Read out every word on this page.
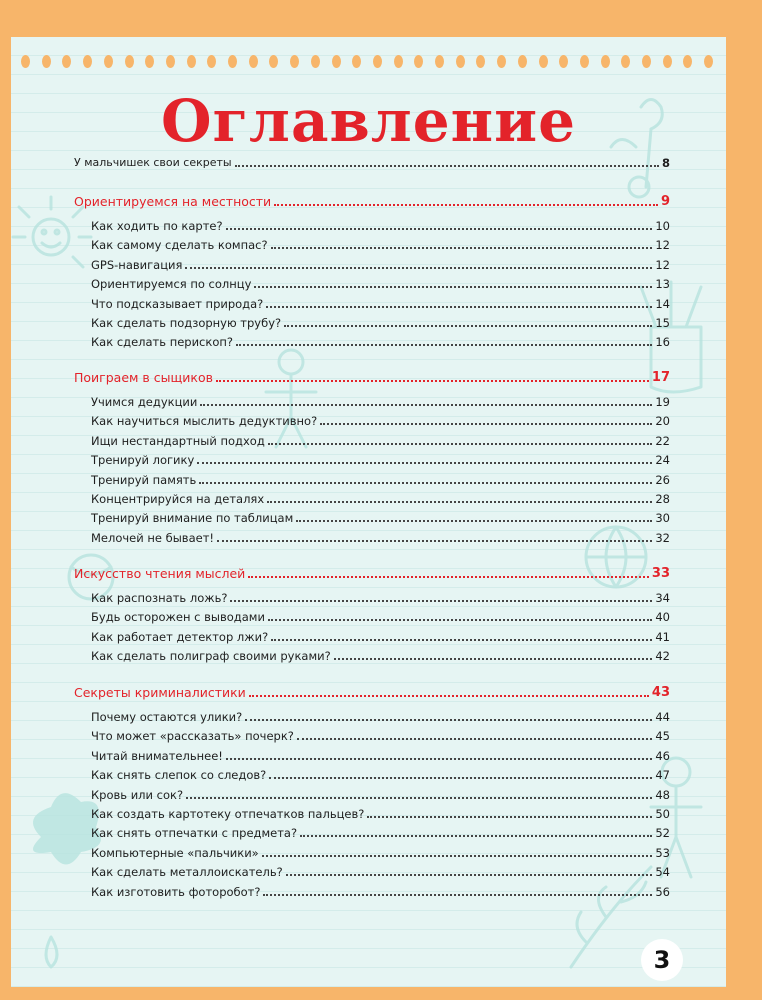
Оглавление
У мальчишек свои секреты	8
Ориентируемся на местности	9
Как ходить по карте?	10
Как самому сделать компас?	12
GPS-навигация	12
Ориентируемся по солнцу	13
Что подсказывает природа?	14
Как сделать подзорную трубу?	15
Как сделать перископ?	16
Поиграем в сыщиков	17
Учимся дедукции	19
Как научиться мыслить дедуктивно?	20
Ищи нестандартный подход	22
Тренируй логику	24
Тренируй память	26
Концентрируйся на деталях	28
Тренируй внимание по таблицам	30
Мелочей не бывает!	32
Искусство чтения мыслей	33
Как распознать ложь?	34
Будь осторожен с выводами	40
Как работает детектор лжи?	41
Как сделать полиграф своими руками?	42
Секреты криминалистики	43
Почему остаются улики?	44
Что может «рассказать» почерк?	45
Читай внимательнее!	46
Как снять слепок со следов?	47
Кровь или сок?	48
Как создать картотеку отпечатков пальцев?	50
Как снять отпечатки с предмета?	52
Компьютерные «пальчики»	53
Как сделать металлоискатель?	54
Как изготовить фоторобот?	56
3
